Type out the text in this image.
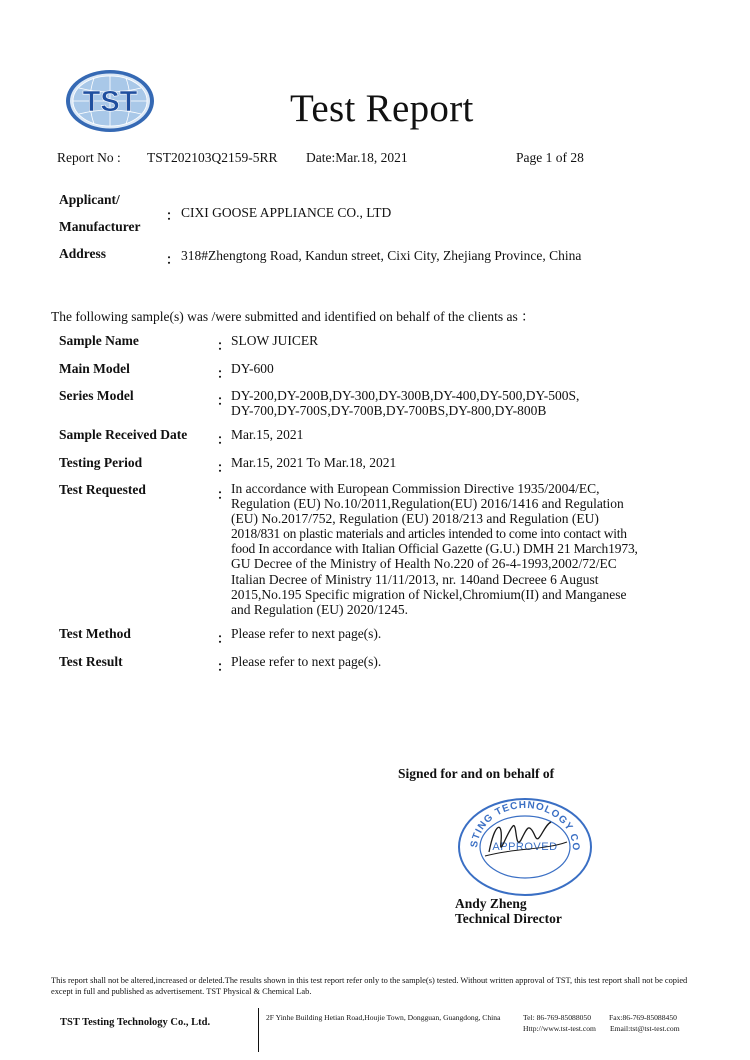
TST	Test Report
Report No : TST202103Q2159-5RR Date:Mar.18, 2021	Page 1 of 28
Applicant/
Manufacturer
： CIXI GOOSE APPLIANCE CO., LTD
Address	： 318#Zhengtong Road, Kandun street, Cixi City, Zhejiang Province, China
The following sample(s) was /were submitted and identified on behalf of the clients as ：
Sample Name	： SLOW JUICER
Main Model	： DY-600
Series Model	： DY-200,DY-200B,DY-300,DY-300B,DY-400,DY-500,DY-500S,
DY-700,DY-700S,DY-700B,DY-700BS,DY-800,DY-800B
Sample Received Date ： Mar.15, 2021
Testing Period	： Mar.15, 2021 To Mar.18, 2021
Test Requested	： In accordance with European Commission Directive 1935/2004/EC,
Regulation (EU) No.10/2011,Regulation(EU) 2016/1416 and Regulation
(EU) No.2017/752, Regulation (EU) 2018/213 and Regulation (EU)
2018/831 on plastic materials and articles intended to come into contact with
food In accordance with Italian Official Gazette (G.U.) DMH 21 March1973,
GU Decree of the Ministry of Health No.220 of 26-4-1993,2002/72/EC
Italian Decree of Ministry 11/11/2013, nr. 140and Decreee 6 August
2015,No.195 Specific migration of Nickel,Chromium(II) and Manganese
and Regulation (EU) 2020/1245.
Test Method	： Please refer to next page(s).
Test Result	： Please refer to next page(s).
Signed for and on behalf of
STING TECHNOLOGY CO
APPROVED
Andy Zheng
Technical Director
This report shall not be altered,increased or deleted.The results shown in this test report refer only to the sample(s) tested. Without written approval of TST, this test report shall not be copied except in full and published as advertisement. TST Physical & Chemical Lab.
TST Testing Technology Co., Ltd.	2F Yinhe Building Hetian Road,Houjie Town, Dongguan, Guangdong, China	Tel: 86-769-85088050 Fax:86-769-85088450
Http://www.tst-test.com Email:tst@tst-test.com
